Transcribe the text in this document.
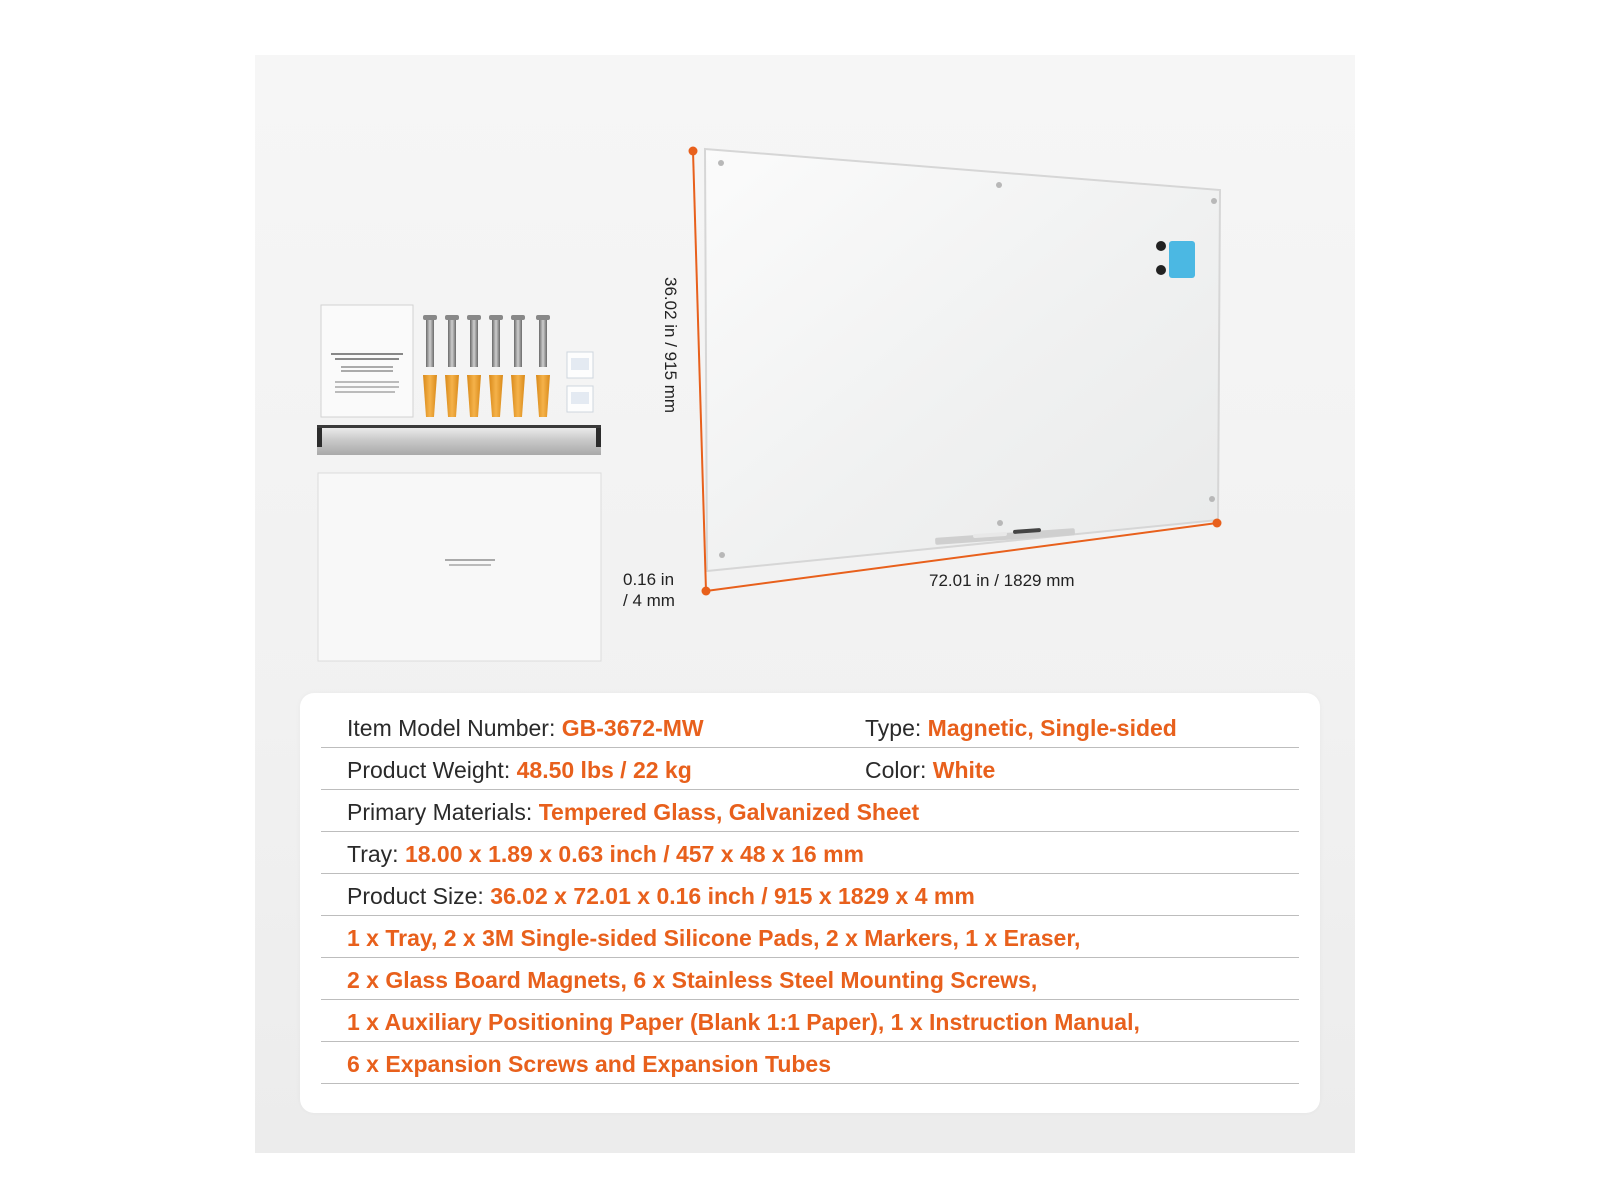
36.02 in / 915 mm
72.01 in / 1829 mm
0.16 in
/ 4 mm
Item Model Number: GB-3672-MW	Type: Magnetic, Single-sided
Product Weight: 48.50 lbs / 22 kg	Color: White
Primary Materials: Tempered Glass, Galvanized Sheet
Tray: 18.00 x 1.89 x 0.63 inch / 457 x 48 x 16 mm
Product Size: 36.02 x 72.01 x 0.16 inch / 915 x 1829 x 4 mm
1 x Tray, 2 x 3M Single-sided Silicone Pads, 2 x Markers, 1 x Eraser,
2 x Glass Board Magnets, 6 x Stainless Steel Mounting Screws,
1 x Auxiliary Positioning Paper (Blank 1:1 Paper), 1 x Instruction Manual,
6 x Expansion Screws and Expansion Tubes
